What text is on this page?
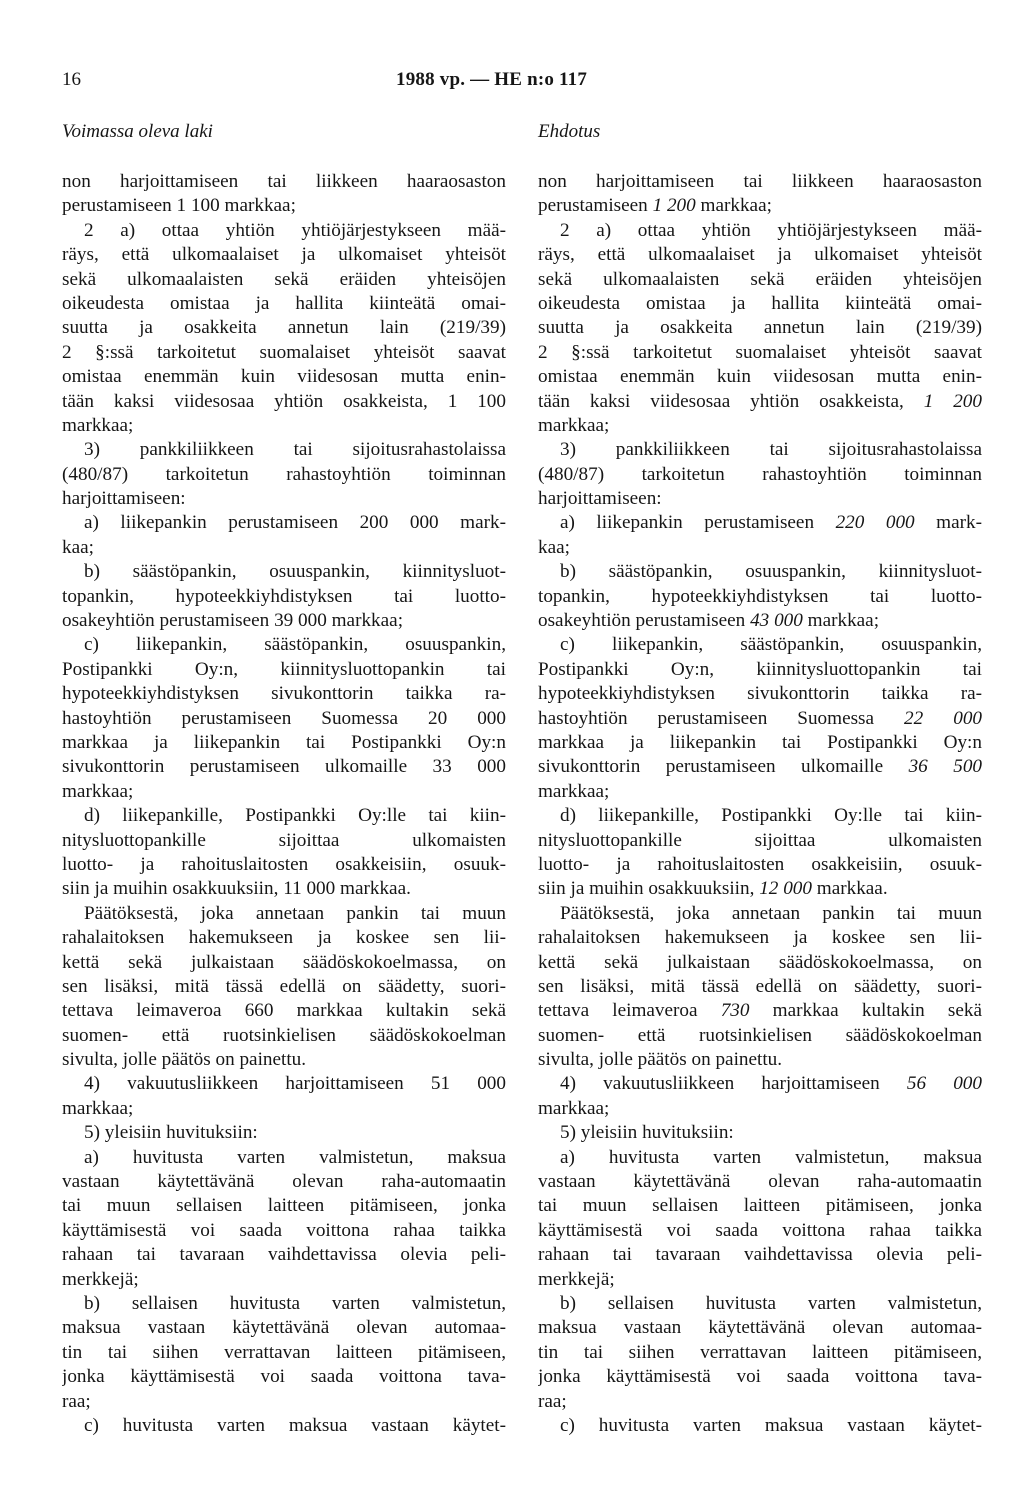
16	1988 vp. — HE n:o 117
Voimassa oleva laki	Ehdotus
non harjoittamiseen tai liikkeen haaraosaston
perustamiseen 1 100 markkaa;
2 a) ottaa yhtiön yhtiöjärjestykseen mää-
räys, että ulkomaalaiset ja ulkomaiset yhteisöt
sekä ulkomaalaisten sekä eräiden yhteisöjen
oikeudesta omistaa ja hallita kiinteätä omai-
suutta ja osakkeita annetun lain (219/39)
2 §:ssä tarkoitetut suomalaiset yhteisöt saavat
omistaa enemmän kuin viidesosan mutta enin-
tään kaksi viidesosaa yhtiön osakkeista, 1 100
markkaa;
3) pankkiliikkeen tai sijoitusrahastolaissa
(480/87) tarkoitetun rahastoyhtiön toiminnan
harjoittamiseen:
a) liikepankin perustamiseen 200 000 mark-
kaa;
b) säästöpankin, osuuspankin, kiinnitysluot-
topankin, hypoteekkiyhdistyksen tai luotto-
osakeyhtiön perustamiseen 39 000 markkaa;
c) liikepankin, säästöpankin, osuuspankin,
Postipankki Oy:n, kiinnitysluottopankin tai
hypoteekkiyhdistyksen sivukonttorin taikka ra-
hastoyhtiön perustamiseen Suomessa 20 000
markkaa ja liikepankin tai Postipankki Oy:n
sivukonttorin perustamiseen ulkomaille 33 000
markkaa;
d) liikepankille, Postipankki Oy:lle tai kiin-
nitysluottopankille sijoittaa ulkomaisten
luotto- ja rahoituslaitosten osakkeisiin, osuuk-
siin ja muihin osakkuuksiin, 11 000 markkaa.
Päätöksestä, joka annetaan pankin tai muun
rahalaitoksen hakemukseen ja koskee sen lii-
kettä sekä julkaistaan säädöskokoelmassa, on
sen lisäksi, mitä tässä edellä on säädetty, suori-
tettava leimaveroa 660 markkaa kultakin sekä
suomen- että ruotsinkielisen säädöskokoelman
sivulta, jolle päätös on painettu.
4) vakuutusliikkeen harjoittamiseen 51 000
markkaa;
5) yleisiin huvituksiin:
a) huvitusta varten valmistetun, maksua
vastaan käytettävänä olevan raha-automaatin
tai muun sellaisen laitteen pitämiseen, jonka
käyttämisestä voi saada voittona rahaa taikka
rahaan tai tavaraan vaihdettavissa olevia peli-
merkkejä;
b) sellaisen huvitusta varten valmistetun,
maksua vastaan käytettävänä olevan automaa-
tin tai siihen verrattavan laitteen pitämiseen,
jonka käyttämisestä voi saada voittona tava-
raa;
c) huvitusta varten maksua vastaan käytet-
non harjoittamiseen tai liikkeen haaraosaston
perustamiseen 1 200 markkaa;
2 a) ottaa yhtiön yhtiöjärjestykseen mää-
räys, että ulkomaalaiset ja ulkomaiset yhteisöt
sekä ulkomaalaisten sekä eräiden yhteisöjen
oikeudesta omistaa ja hallita kiinteätä omai-
suutta ja osakkeita annetun lain (219/39)
2 §:ssä tarkoitetut suomalaiset yhteisöt saavat
omistaa enemmän kuin viidesosan mutta enin-
tään kaksi viidesosaa yhtiön osakkeista, 1 200
markkaa;
3) pankkiliikkeen tai sijoitusrahastolaissa
(480/87) tarkoitetun rahastoyhtiön toiminnan
harjoittamiseen:
a) liikepankin perustamiseen 220 000 mark-
kaa;
b) säästöpankin, osuuspankin, kiinnitysluot-
topankin, hypoteekkiyhdistyksen tai luotto-
osakeyhtiön perustamiseen 43 000 markkaa;
c) liikepankin, säästöpankin, osuuspankin,
Postipankki Oy:n, kiinnitysluottopankin tai
hypoteekkiyhdistyksen sivukonttorin taikka ra-
hastoyhtiön perustamiseen Suomessa 22 000
markkaa ja liikepankin tai Postipankki Oy:n
sivukonttorin perustamiseen ulkomaille 36 500
markkaa;
d) liikepankille, Postipankki Oy:lle tai kiin-
nitysluottopankille sijoittaa ulkomaisten
luotto- ja rahoituslaitosten osakkeisiin, osuuk-
siin ja muihin osakkuuksiin, 12 000 markkaa.
Päätöksestä, joka annetaan pankin tai muun
rahalaitoksen hakemukseen ja koskee sen lii-
kettä sekä julkaistaan säädöskokoelmassa, on
sen lisäksi, mitä tässä edellä on säädetty, suori-
tettava leimaveroa 730 markkaa kultakin sekä
suomen- että ruotsinkielisen säädöskokoelman
sivulta, jolle päätös on painettu.
4) vakuutusliikkeen harjoittamiseen 56 000
markkaa;
5) yleisiin huvituksiin:
a) huvitusta varten valmistetun, maksua
vastaan käytettävänä olevan raha-automaatin
tai muun sellaisen laitteen pitämiseen, jonka
käyttämisestä voi saada voittona rahaa taikka
rahaan tai tavaraan vaihdettavissa olevia peli-
merkkejä;
b) sellaisen huvitusta varten valmistetun,
maksua vastaan käytettävänä olevan automaa-
tin tai siihen verrattavan laitteen pitämiseen,
jonka käyttämisestä voi saada voittona tava-
raa;
c) huvitusta varten maksua vastaan käytet-
